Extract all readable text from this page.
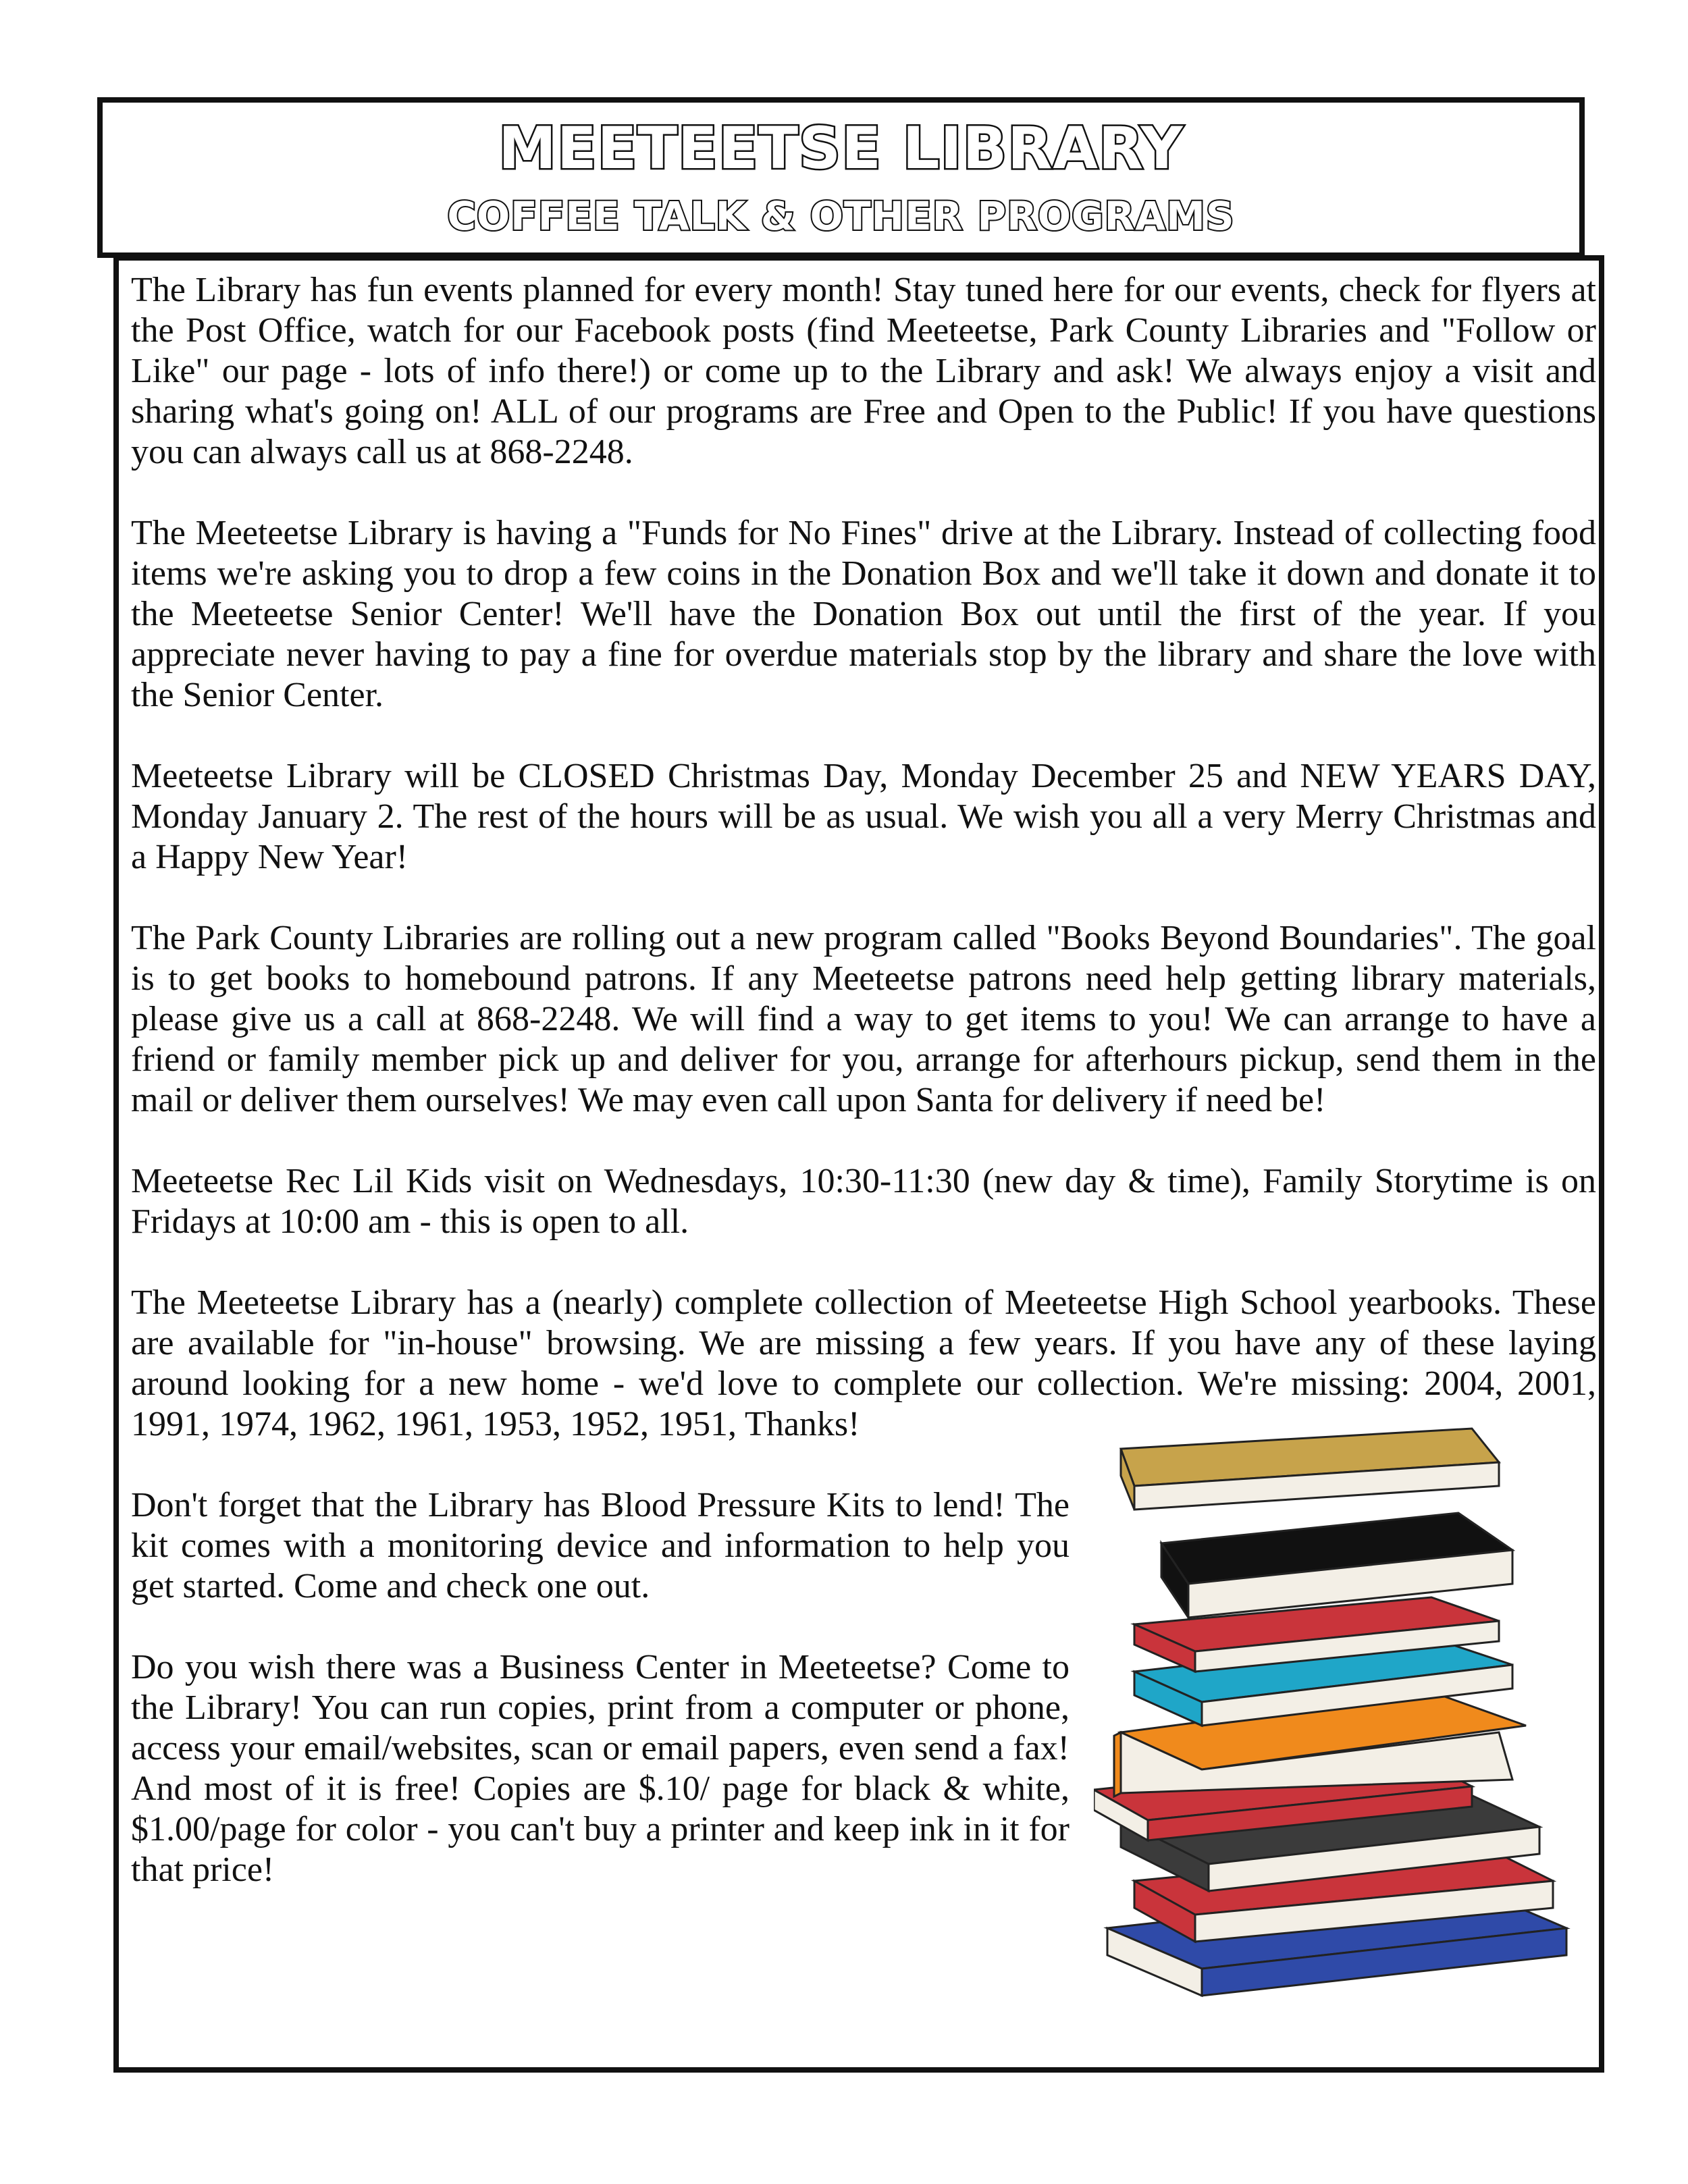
MEETEETSE LIBRARY
COFFEE TALK & OTHER PROGRAMS

The Library has fun events planned for every month! Stay tuned here for our events, check for flyers at the Post Office, watch for our Facebook posts (find Meeteetse, Park County Libraries and "Follow or Like" our page - lots of info there!) or come up to the Library and ask! We always enjoy a visit and sharing what's going on! ALL of our programs are Free and Open to the Public! If you have questions you can always call us at 868-2248.

The Meeteetse Library is having a "Funds for No Fines" drive at the Library. Instead of collecting food items we're asking you to drop a few coins in the Donation Box and we'll take it down and donate it to the Meeteetse Senior Center! We'll have the Donation Box out until the first of the year. If you appreciate never having to pay a fine for overdue materials stop by the library and share the love with the Senior Center.

Meeteetse Library will be CLOSED Christmas Day, Monday December 25 and NEW YEARS DAY, Monday January 2. The rest of the hours will be as usual. We wish you all a very Merry Christmas and a Happy New Year!

The Park County Libraries are rolling out a new program called "Books Beyond Boundaries". The goal is to get books to homebound patrons. If any Meeteetse patrons need help getting library materials, please give us a call at 868-2248. We will find a way to get items to you! We can arrange to have a friend or family member pick up and deliver for you, arrange for afterhours pickup, send them in the mail or deliver them ourselves! We may even call upon Santa for delivery if need be!

Meeteetse Rec Lil Kids visit on Wednesdays, 10:30-11:30 (new day & time), Family Storytime is on Fridays at 10:00 am - this is open to all.

The Meeteetse Library has a (nearly) complete collection of Meeteetse High School yearbooks. These are available for "in-house" browsing. We are missing a few years. If you have any of these laying around looking for a new home - we'd love to complete our collection. We're missing: 2004, 2001, 1991, 1974, 1962, 1961, 1953, 1952, 1951, Thanks!

Don't forget that the Library has Blood Pressure Kits to lend! The kit comes with a monitoring device and information to help you get started. Come and check one out.

Do you wish there was a Business Center in Meeteetse? Come to the Library! You can run copies, print from a computer or phone, access your email/websites, scan or email papers, even send a fax! And most of it is free! Copies are $.10/ page for black & white, $1.00/page for color - you can't buy a printer and keep ink in it for that price!
